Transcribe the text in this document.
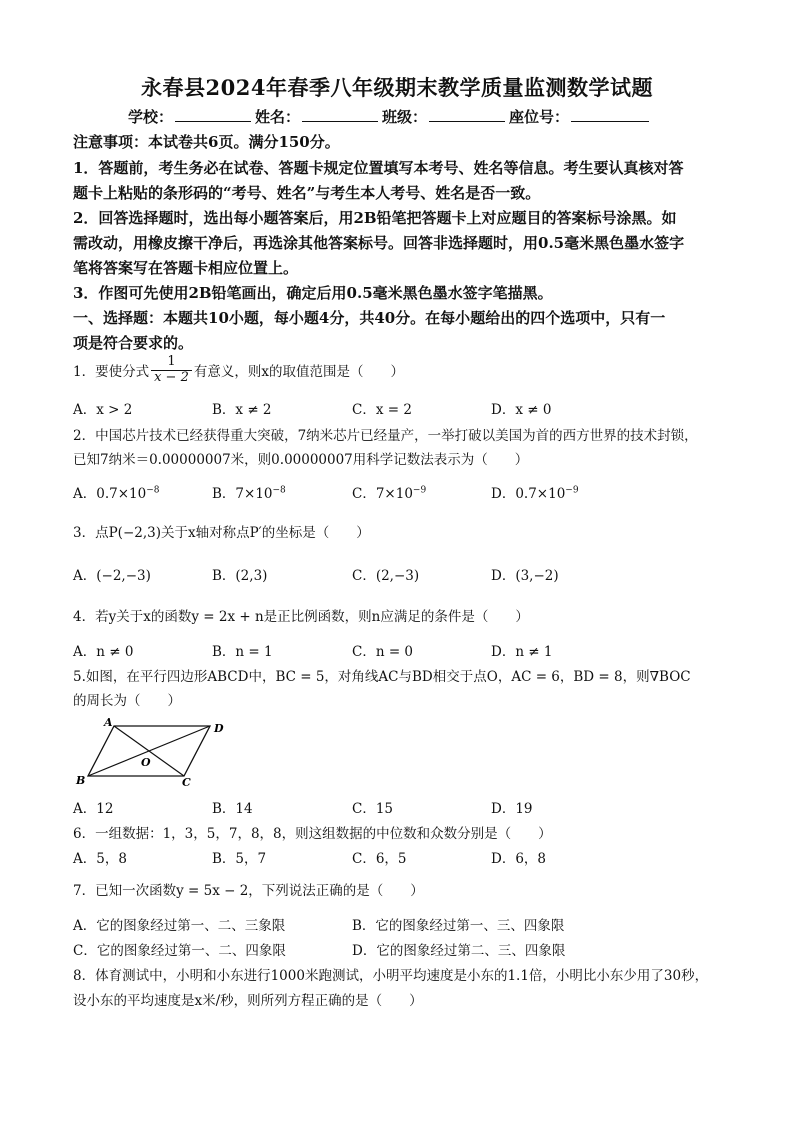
永春县2024年春季八年级期末教学质量监测数学试题
学校：	姓名：	班级：	座位号：
注意事项：本试卷共6页。满分150分。
1．答题前，考生务必在试卷、答题卡规定位置填写本考号、姓名等信息。考生要认真核对答
题卡上粘贴的条形码的“考号、姓名”与考生本人考号、姓名是否一致。
2．回答选择题时，选出每小题答案后，用2B铅笔把答题卡上对应题目的答案标号涂黑。如
需改动，用橡皮擦干净后，再选涂其他答案标号。回答非选择题时，用0.5毫米黑色墨水签字
笔将答案写在答题卡相应位置上。
3．作图可先使用2B铅笔画出，确定后用0.5毫米黑色墨水签字笔描黑。
一、选择题：本题共10小题，每小题4分，共40分。在每小题给出的四个选项中，只有一
项是符合要求的。
1．要使分式 $\frac{1}{x - 2}$ 有意义，则x的取值范围是（　　）
A．x > 2	B．x ≠ 2	C．x = 2	D．x ≠ 0
2．中国芯片技术已经获得重大突破，7纳米芯片已经量产，一举打破以美国为首的西方世界的技术封锁，
已知7纳米＝0.00000007米，则0.00000007用科学记数法表示为（　　）
A．$0.7\times 10^{-8}$	B．$7\times 10^{-8}$	C．$7\times 10^{-9}$	D．$0.7\times 10^{-9}$
3．点P(−2,3)关于x轴对称点P′的坐标是（　　）
A．(−2,−3)	B．(2,3)	C．(2,−3)	D．(3,−2)
4．若y关于x的函数y = 2x + n是正比例函数，则n应满足的条件是（　　）
A．n ≠ 0	B．n = 1	C．n = 0	D．n ≠ 1
5.如图，在平行四边形ABCD中，BC = 5，对角线AC与BD相交于点O，AC = 6，BD = 8，则∇BOC
的周长为（　　）
A	D
B	C
O
A．12	B．14	C．15	D．19
6．一组数据：1，3，5，7，8，8，则这组数据的中位数和众数分别是（　　）
A．5，8	B．5，7	C．6，5	D．6，8
7．已知一次函数y = 5x − 2，下列说法正确的是（　　）
A．它的图象经过第一、二、三象限	B．它的图象经过第一、三、四象限
C．它的图象经过第一、二、四象限	D．它的图象经过第二、三、四象限
8．体育测试中，小明和小东进行1000米跑测试，小明平均速度是小东的1.1倍，小明比小东少用了30秒，
设小东的平均速度是x米/秒，则所列方程正确的是（　　）
